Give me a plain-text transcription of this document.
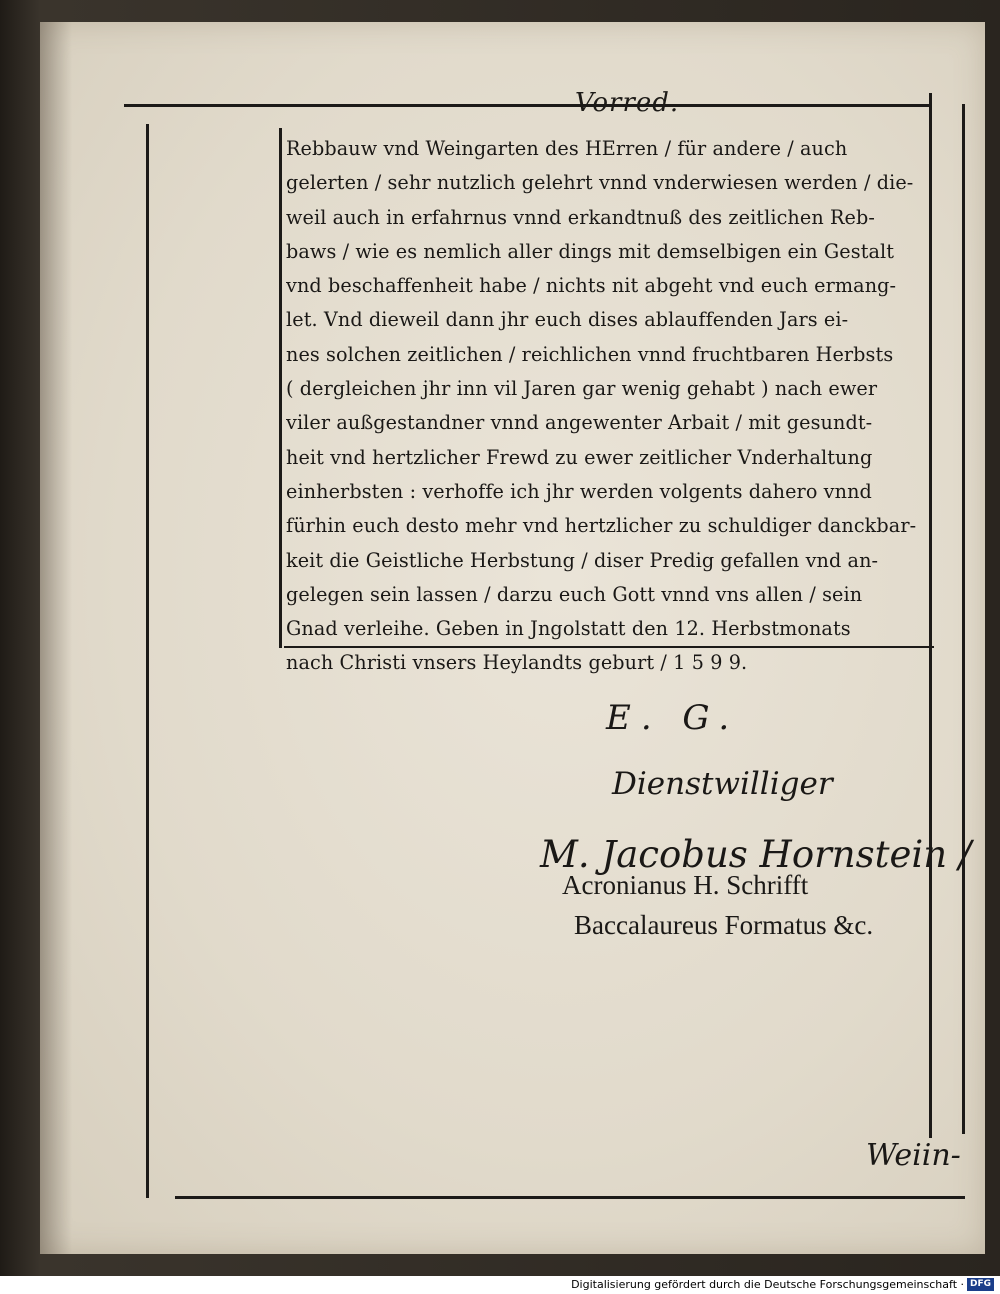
Vorred.
Rebbauw vnd Weingarten des HErren / für andere / auch
gelerten / sehr nutzlich gelehrt vnnd vnderwiesen werden / die-
weil auch in erfahrnus vnnd erkandtnuß des zeitlichen Reb-
baws / wie es nemlich aller dings mit demselbigen ein Gestalt
vnd beschaffenheit habe / nichts nit abgeht vnd euch ermang-
let. Vnd dieweil dann jhr euch dises ablauffenden Jars ei-
nes solchen zeitlichen / reichlichen vnnd fruchtbaren Herbsts
( dergleichen jhr inn vil Jaren gar wenig gehabt ) nach ewer
viler außgestandner vnnd angewenter Arbait / mit gesundt-
heit vnd hertzlicher Frewd zu ewer zeitlicher Vnderhaltung
einherbsten : verhoffe ich jhr werden volgents dahero vnnd
fürhin euch desto mehr vnd hertzlicher zu schuldiger danckbar-
keit die Geistliche Herbstung / diser Predig gefallen vnd an-
gelegen sein lassen / darzu euch Gott vnnd vns allen / sein
Gnad verleihe. Geben in Jngolstatt den 12. Herbstmonats
nach Christi vnsers Heylandts geburt / 1 5 9 9.
E. G.
Dienstwilliger
M. Jacobus Hornstein /
Acronianus H. Schrifft
Baccalaureus Formatus &c.
Weiin-
Digitalisierung gefördert durch die Deutsche Forschungsgemeinschaft · DFG
